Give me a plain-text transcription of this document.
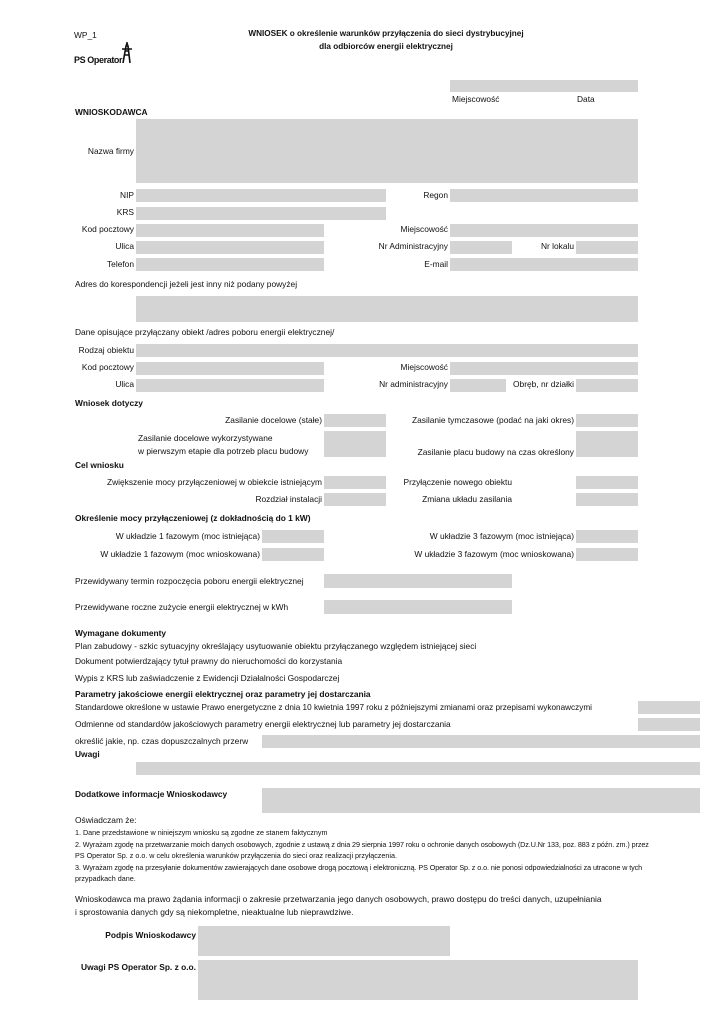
WP_1	WNIOSEK o określenie warunków przyłączenia do sieci dystrybucyjnej
dla odbiorców energii elektrycznej
PS Operator
Miejscowość	Data
WNIOSKODAWCA
Nazwa firmy
NIP	Regon
KRS
Kod pocztowy	Miejscowość
Ulica	Nr Administracyjny	Nr lokalu
Telefon	E-mail
Adres do korespondencji jeżeli jest inny niż podany powyżej
Dane opisujące przyłączany obiekt /adres poboru energii elektrycznej/
Rodzaj obiektu
Kod pocztowy	Miejscowość
Ulica	Nr administracyjny	Obręb, nr działki
Wniosek dotyczy
Zasilanie docelowe (stałe)	Zasilanie tymczasowe (podać na jaki okres)
Zasilanie docelowe wykorzystywane
w pierwszym etapie dla potrzeb placu budowy	Zasilanie placu budowy na czas określony
Cel wniosku
Zwiększenie mocy przyłączeniowej w obiekcie istniejącym	Przyłączenie nowego obiektu
Rozdział instalacji	Zmiana układu zasilania
Określenie mocy przyłączeniowej (z dokładnością do 1 kW)
W układzie 1 fazowym (moc istniejąca)	W układzie 3 fazowym (moc istniejąca)
W układzie 1 fazowym (moc wnioskowana)	W układzie 3 fazowym (moc wnioskowana)
Przewidywany termin rozpoczęcia poboru energii elektrycznej
Przewidywane roczne zużycie energii elektrycznej w kWh
Wymagane dokumenty
Plan zabudowy - szkic sytuacyjny określający usytuowanie obiektu przyłączanego względem istniejącej sieci
Dokument potwierdzający tytuł prawny do nieruchomości do korzystania
Wypis z KRS lub zaświadczenie z Ewidencji Działalności Gospodarczej
Parametry jakościowe energii elektrycznej oraz parametry jej dostarczania
Standardowe określone w ustawie Prawo energetyczne z dnia 10 kwietnia 1997 roku z późniejszymi zmianami oraz przepisami wykonawczymi
Odmienne od standardów jakościowych parametry energii elektrycznej lub parametry jej dostarczania
określić jakie, np. czas dopuszczalnych przerw
Uwagi
Dodatkowe informacje Wnioskodawcy
Oświadczam że:
1. Dane przedstawione w niniejszym wniosku są zgodne ze stanem faktycznym
2. Wyrażam zgodę na przetwarzanie moich danych osobowych, zgodnie z ustawą z dnia 29 sierpnia 1997 roku o ochronie danych osobowych (Dz.U.Nr 133, poz. 883 z późn. zm.) przez
PS Operator Sp. z o.o. w celu określenia warunków przyłączenia do sieci oraz realizacji przyłączenia.
3. Wyrażam zgodę na przesyłanie dokumentów zawierających dane osobowe drogą pocztową i elektroniczną. PS Operator Sp. z o.o. nie ponosi odpowiedzialności za utracone w tych
przypadkach dane.
Wnioskodawca ma prawo żądania informacji o zakresie przetwarzania jego danych osobowych, prawo dostępu do treści danych, uzupełniania
i sprostowania danych gdy są niekompletne, nieaktualne lub nieprawdziwe.
Podpis Wnioskodawcy
Uwagi PS Operator Sp. z o.o.
